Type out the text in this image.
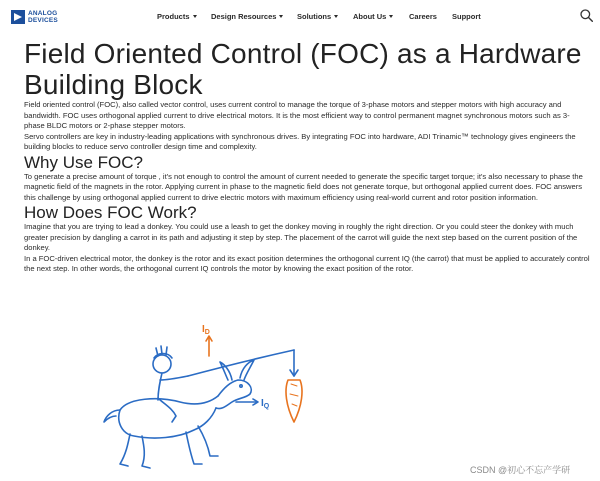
ANALOG
DEVICES	Products	Design Resources	Solutions	About Us	Careers Support
Field Oriented Control (FOC) as a Hardware Building Block

Field oriented control (FOC), also called vector control, uses current control to manage the torque of 3-phase motors and stepper motors with high accuracy and bandwidth. FOC uses orthogonal applied current to drive electrical motors. It is the most efficient way to control permanent magnet synchronous motors such as 3-phase BLDC motors or 2-phase stepper motors.

Servo controllers are key in industry-leading applications with synchronous drives. By integrating FOC into hardware, ADI Trinamic™ technology gives engineers the building blocks to reduce servo controller design time and complexity.

Why Use FOC?

To generate a precise amount of torque , it's not enough to control the amount of current needed to generate the specific target torque; it's also necessary to phase the magnetic field of the magnets in the rotor. Applying current in phase to the magnetic field does not generate torque, but orthogonal applied current does. FOC answers this challenge by using orthogonal applied current to drive electric motors with maximum efficiency using real-world current and rotor position information.

How Does FOC Work?

Imagine that you are trying to lead a donkey. You could use a leash to get the donkey moving in roughly the right direction. Or you could steer the donkey with much greater precision by dangling a carrot in its path and adjusting it step by step. The placement of the carrot will guide the next step based on the current position of the donkey.

In a FOC-driven electrical motor, the donkey is the rotor and its exact position determines the orthogonal current IQ (the carrot) that must be applied to accurately control the next step. In other words, the orthogonal current IQ controls the motor by knowing the exact position of the rotor.

$I_D$
$I_Q$
CSDN @初心不忘产学研
